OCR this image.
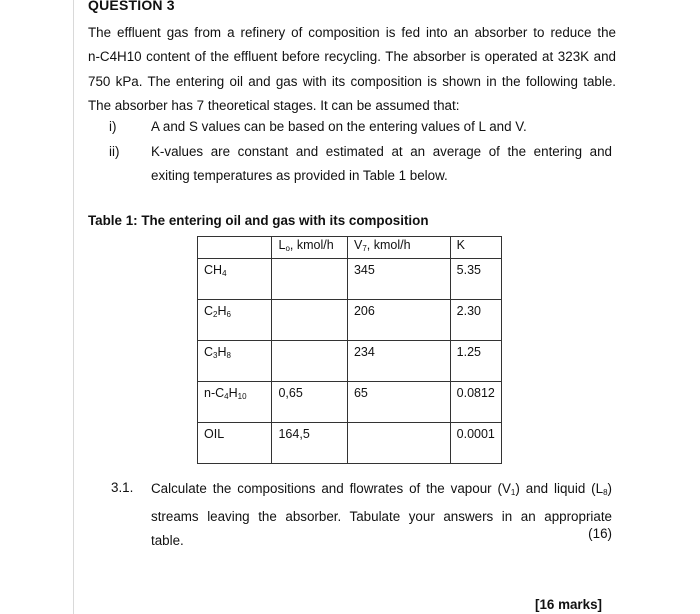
QUESTION 3
The effluent gas from a refinery of composition is fed into an absorber to reduce the
n-C4H10 content of the effluent before recycling. The absorber is operated at 323K and
750 kPa. The entering oil and gas with its composition is shown in the following table.
The absorber has 7 theoretical stages. It can be assumed that:
i)	A and S values can be based on the entering values of L and V.
ii) K-values are constant and estimated at an average of the entering and
exiting temperatures as provided in Table 1 below.
Table 1: The entering oil and gas with its composition
	$L_o$, kmol/h	$V_7$, kmol/h	K
$CH_4$		345	5.35
$C_2H_6$		206	2.30
$C_3H_8$		234	1.25
$n-C_4H_{10}$	0,65	65	0.0812
OIL	164,5		0.0001
3.1. Calculate the compositions and flowrates of the vapour $(V_1)$ and liquid $(L_8)$
streams leaving the absorber. Tabulate your answers in an appropriate
table.	(16)
[16 marks]
